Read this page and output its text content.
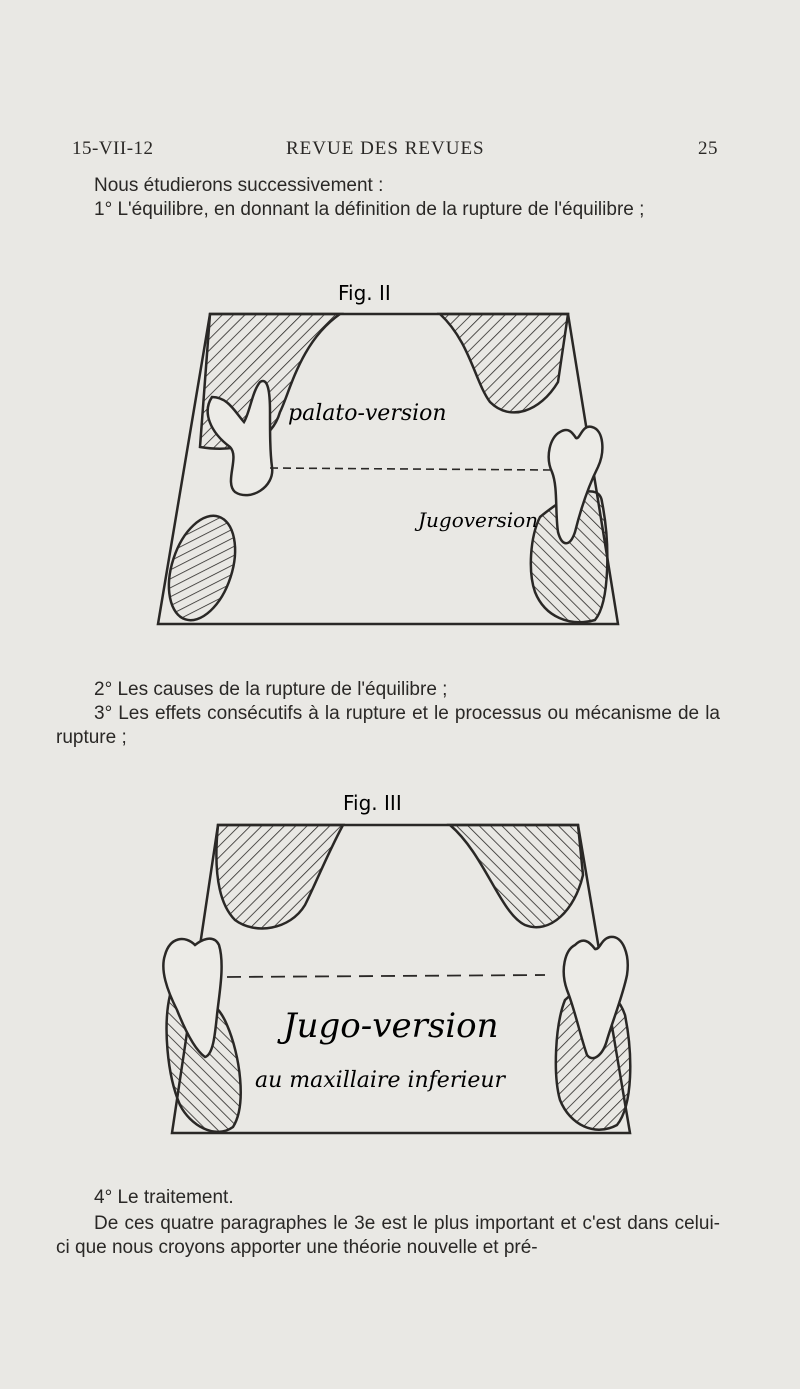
15-VII-12	REVUE DES REVUES	25
Nous étudierons successivement :
1° L'équilibre, en donnant la définition de la rupture de l'équilibre ;
Fig. II
palato-version
Jugoversion
2° Les causes de la rupture de l'équilibre ;
3° Les effets consécutifs à la rupture et le processus ou mécanisme de la rupture ;
Fig. III
Jugo-version
au maxillaire inferieur
4° Le traitement.
De ces quatre paragraphes le 3e est le plus important et c'est dans celui-ci que nous croyons apporter une théorie nouvelle et pré-
